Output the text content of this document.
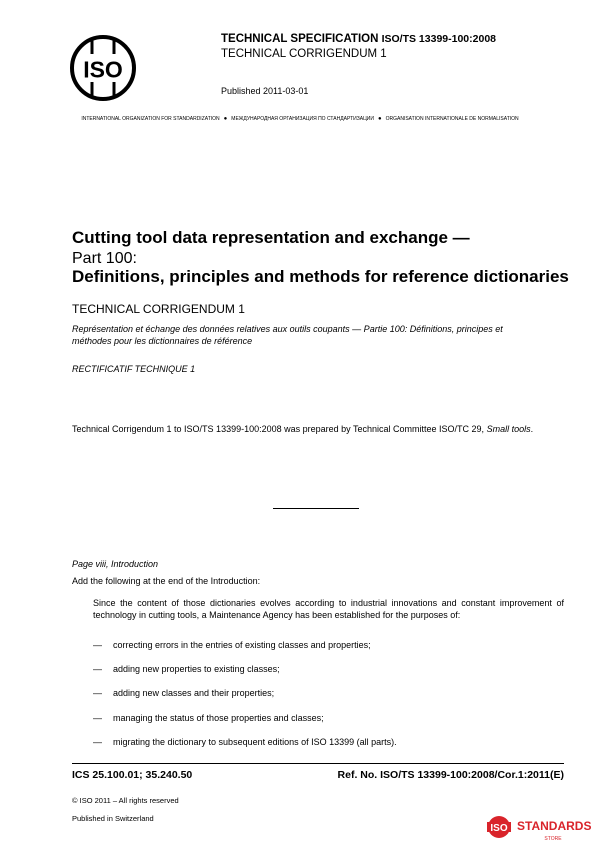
ISO
TECHNICAL SPECIFICATION ISO/TS 13399-100:2008
TECHNICAL CORRIGENDUM 1
Published 2011-03-01
INTERNATIONAL ORGANIZATION FOR STANDARDIZATION ● МЕЖДУНАРОДНАЯ ОРГАНИЗАЦИЯ ПО СТАНДАРТИЗАЦИИ ● ORGANISATION INTERNATIONALE DE NORMALISATION
Cutting tool data representation and exchange —
Part 100:
Definitions, principles and methods for reference dictionaries
TECHNICAL CORRIGENDUM 1
Représentation et échange des données relatives aux outils coupants — Partie 100: Définitions, principes et méthodes pour les dictionnaires de référence
RECTIFICATIF TECHNIQUE 1
Technical Corrigendum 1 to ISO/TS 13399-100:2008 was prepared by Technical Committee ISO/TC 29, Small tools.
Page viii, Introduction
Add the following at the end of the Introduction:
Since the content of those dictionaries evolves according to industrial innovations and constant improvement of technology in cutting tools, a Maintenance Agency has been established for the purposes of:
— correcting errors in the entries of existing classes and properties;
— adding new properties to existing classes;
— adding new classes and their properties;
— managing the status of those properties and classes;
— migrating the dictionary to subsequent editions of ISO 13399 (all parts).
ICS 25.100.01; 35.240.50	Ref. No. ISO/TS 13399-100:2008/Cor.1:2011(E)
© ISO 2011 – All rights reserved
Published in Switzerland
ISO STANDARDS
STORE
